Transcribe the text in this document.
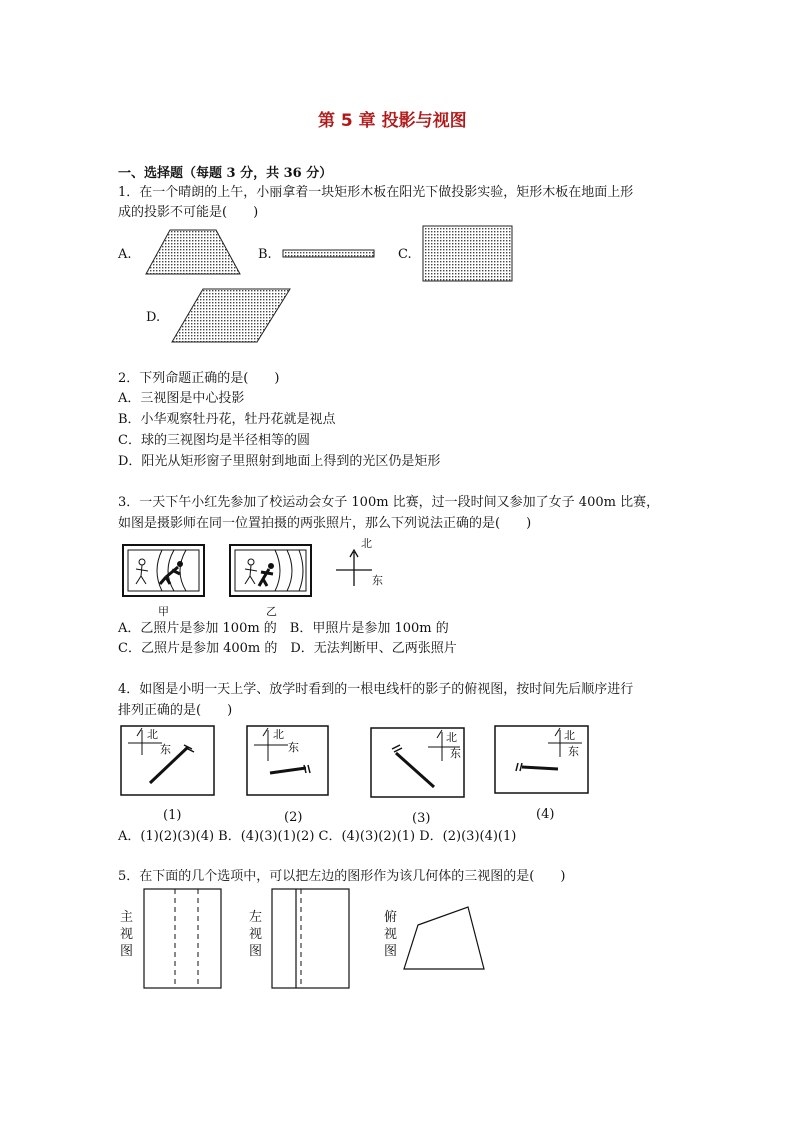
第 5 章 投影与视图
一、选择题（每题 3 分，共 36 分）
1．在一个晴朗的上午，小丽拿着一块矩形木板在阳光下做投影实验，矩形木板在地面上形
成的投影不可能是(　　)
A.	B.	C.
D.
2．下列命题正确的是(　　)
A．三视图是中心投影
B．小华观察牡丹花，牡丹花就是视点
C．球的三视图均是半径相等的圆
D．阳光从矩形窗子里照射到地面上得到的光区仍是矩形
3．一天下午小红先参加了校运动会女子 100m 比赛，过一段时间又参加了女子 400m 比赛，
如图是摄影师在同一位置拍摄的两张照片，那么下列说法正确的是(　　)
甲	乙
北
东
A．乙照片是参加 100m 的　B．甲照片是参加 100m 的
C．乙照片是参加 400m 的　D．无法判断甲、乙两张照片
4．如图是小明一天上学、放学时看到的一根电线杆的影子的俯视图，按时间先后顺序进行
排列正确的是(　　)
北
东
(1)
北
东
(2)
北
东
(3)
北
东
(4)
A．(1)(2)(3)(4) B．(4)(3)(1)(2) C．(4)(3)(2)(1) D．(2)(3)(4)(1)
5．在下面的几个选项中，可以把左边的图形作为该几何体的三视图的是(　　)
主
视
图
左
视
图
俯
视
图
